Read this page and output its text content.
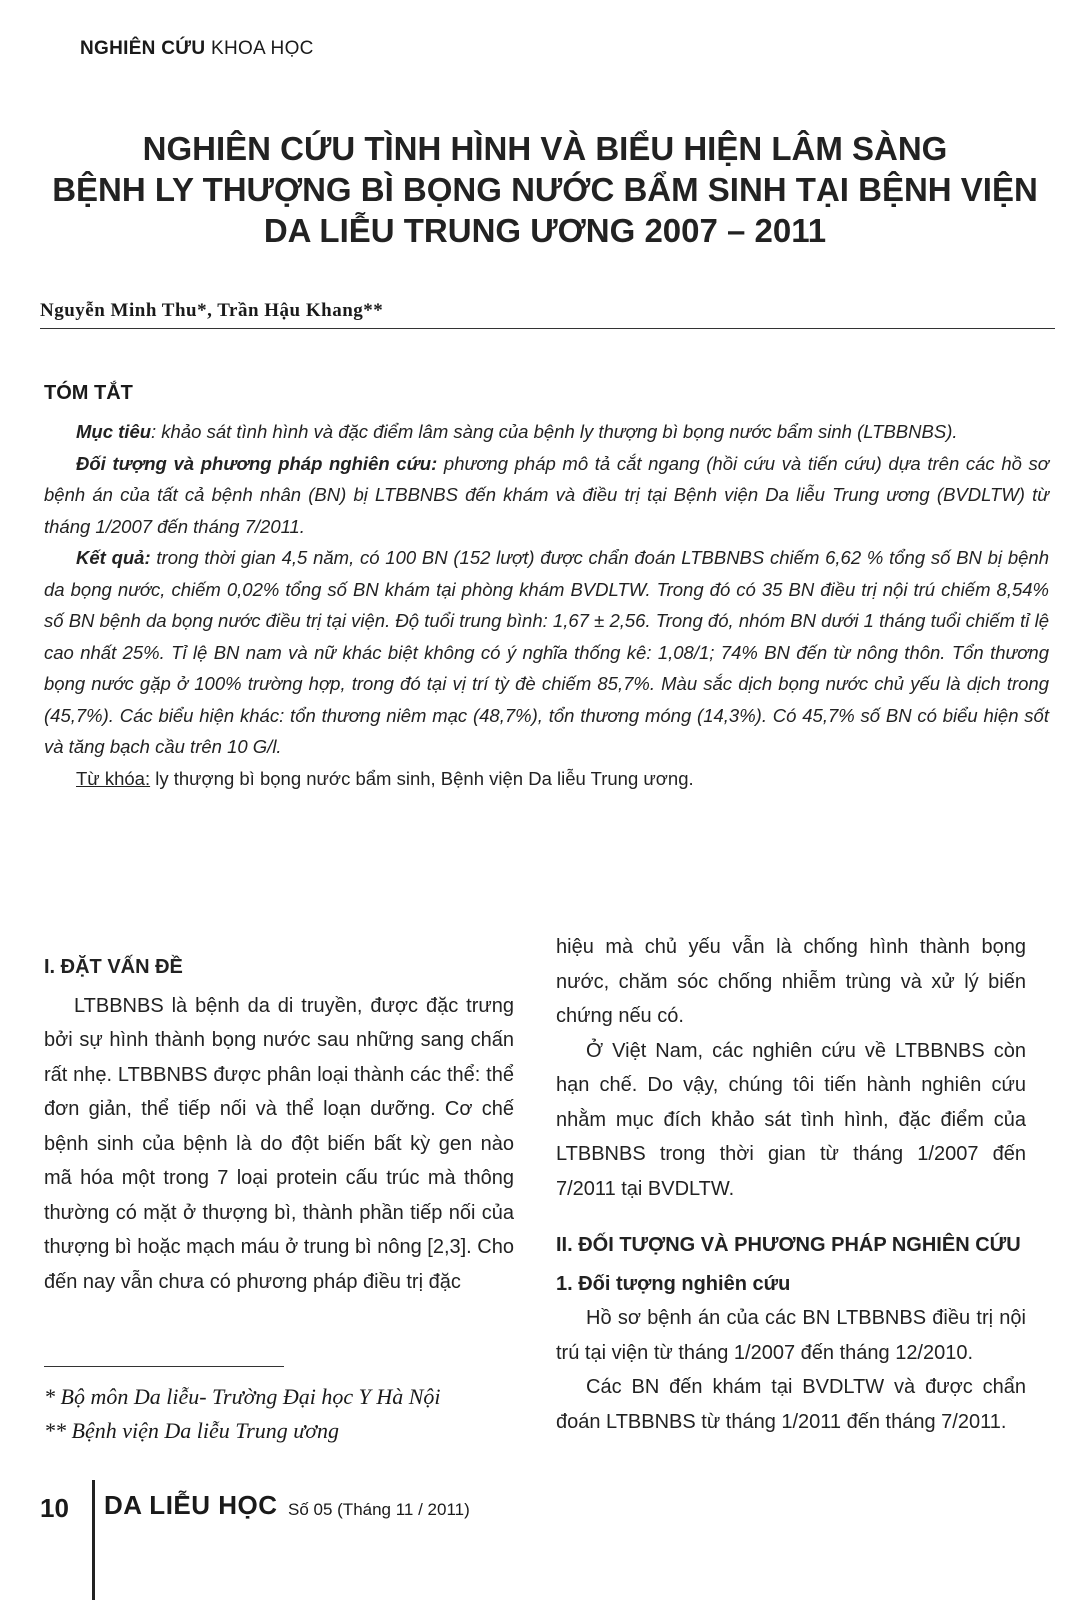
NGHIÊN CỨU KHOA HỌC
NGHIÊN CỨU TÌNH HÌNH VÀ BIỂU HIỆN LÂM SÀNG
BỆNH LY THƯỢNG BÌ BỌNG NƯỚC BẨM SINH TẠI BỆNH VIỆN
DA LIỄU TRUNG ƯƠNG 2007 – 2011
Nguyễn Minh Thu*, Trần Hậu Khang**
TÓM TẮT

Mục tiêu: khảo sát tình hình và đặc điểm lâm sàng của bệnh ly thượng bì bọng nước bẩm sinh (LTBBNBS).

Đối tượng và phương pháp nghiên cứu: phương pháp mô tả cắt ngang (hồi cứu và tiến cứu) dựa trên các hồ sơ bệnh án của tất cả bệnh nhân (BN) bị LTBBNBS đến khám và điều trị tại Bệnh viện Da liễu Trung ương (BVDLTW) từ tháng 1/2007 đến tháng 7/2011.

Kết quả: trong thời gian 4,5 năm, có 100 BN (152 lượt) được chẩn đoán LTBBNBS chiếm 6,62 % tổng số BN bị bệnh da bọng nước, chiếm 0,02% tổng số BN khám tại phòng khám BVDLTW. Trong đó có 35 BN điều trị nội trú chiếm 8,54% số BN bệnh da bọng nước điều trị tại viện. Độ tuổi trung bình: 1,67 ± 2,56. Trong đó, nhóm BN dưới 1 tháng tuổi chiếm tỉ lệ cao nhất 25%. Tỉ lệ BN nam và nữ khác biệt không có ý nghĩa thống kê: 1,08/1; 74% BN đến từ nông thôn. Tổn thương bọng nước gặp ở 100% trường hợp, trong đó tại vị trí tỳ đè chiếm 85,7%. Màu sắc dịch bọng nước chủ yếu là dịch trong (45,7%). Các biểu hiện khác: tổn thương niêm mạc (48,7%), tổn thương móng (14,3%). Có 45,7% số BN có biểu hiện sốt và tăng bạch cầu trên 10 G/l.

Từ khóa: ly thượng bì bọng nước bẩm sinh, Bệnh viện Da liễu Trung ương.

I. ĐẶT VẤN ĐỀ

LTBBNBS là bệnh da di truyền, được đặc trưng bởi sự hình thành bọng nước sau những sang chấn rất nhẹ. LTBBNBS được phân loại thành các thể: thể đơn giản, thể tiếp nối và thể loạn dưỡng. Cơ chế bệnh sinh của bệnh là do đột biến bất kỳ gen nào mã hóa một trong 7 loại protein cấu trúc mà thông thường có mặt ở thượng bì, thành phần tiếp nối của thượng bì hoặc mạch máu ở trung bì nông [2,3]. Cho đến nay vẫn chưa có phương pháp điều trị đặc

hiệu mà chủ yếu vẫn là chống hình thành bọng nước, chăm sóc chống nhiễm trùng và xử lý biến chứng nếu có.

Ở Việt Nam, các nghiên cứu về LTBBNBS còn hạn chế. Do vậy, chúng tôi tiến hành nghiên cứu nhằm mục đích khảo sát tình hình, đặc điểm của LTBBNBS trong thời gian từ tháng 1/2007 đến 7/2011 tại BVDLTW.

II. ĐỐI TƯỢNG VÀ PHƯƠNG PHÁP NGHIÊN CỨU
1. Đối tượng nghiên cứu

Hồ sơ bệnh án của các BN LTBBNBS điều trị nội trú tại viện từ tháng 1/2007 đến tháng 12/2010.

Các BN đến khám tại BVDLTW và được chẩn đoán LTBBNBS từ tháng 1/2011 đến tháng 7/2011.

* Bộ môn Da liễu- Trường Đại học Y Hà Nội
** Bệnh viện Da liễu Trung ương
10	DA LIỄU HỌC Số 05 (Tháng 11 / 2011)
